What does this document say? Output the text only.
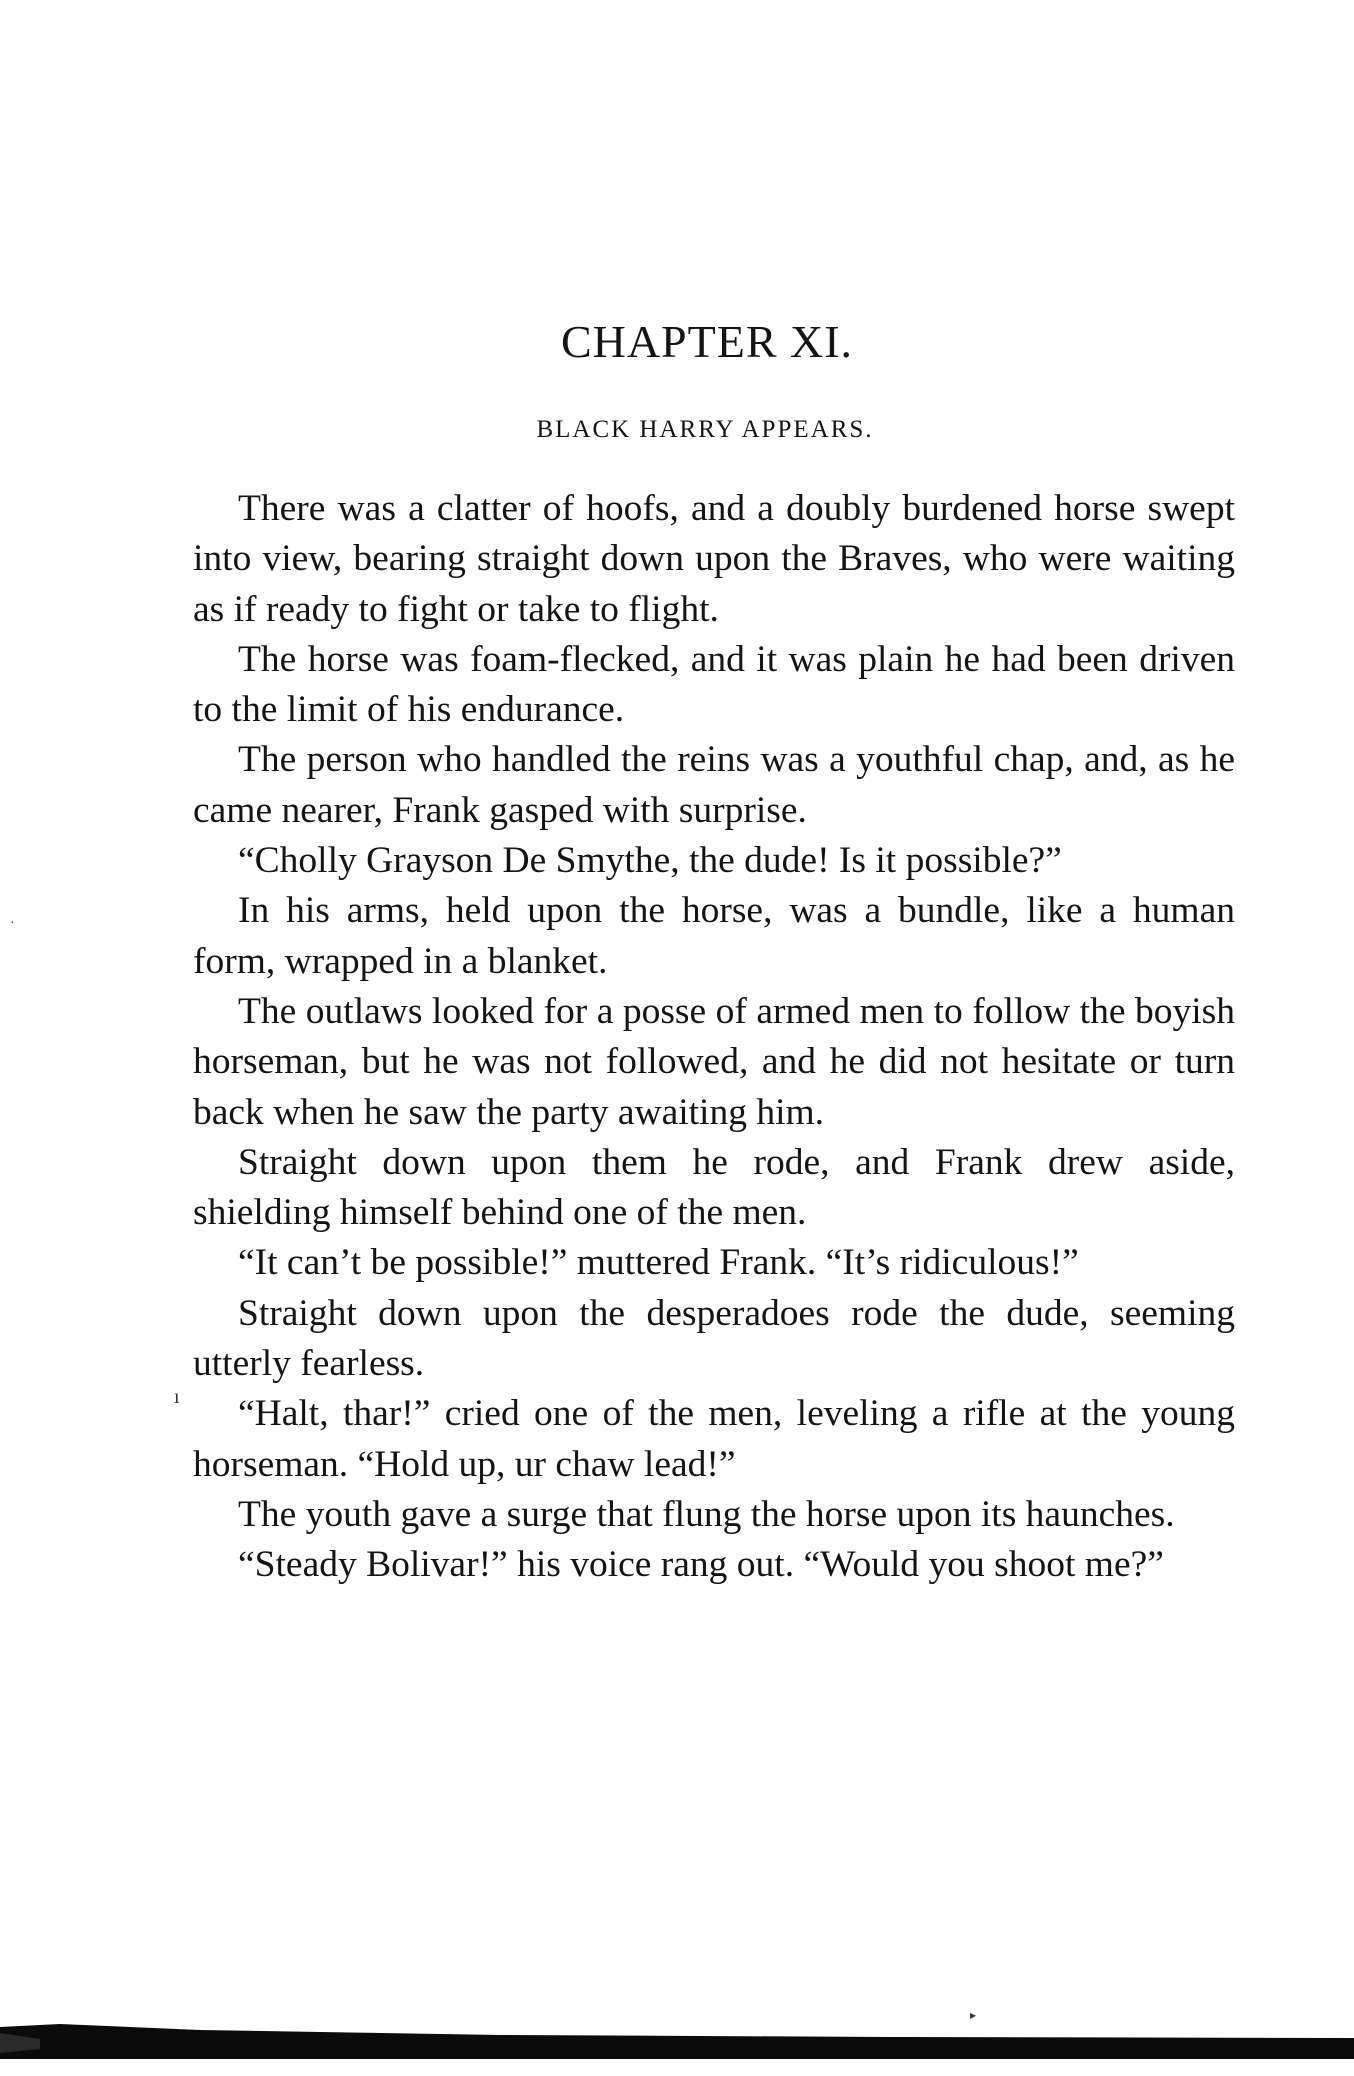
CHAPTER XI.
BLACK HARRY APPEARS.

There was a clatter of hoofs, and a doubly burdened horse swept into view, bearing straight down upon the Braves, who were waiting as if ready to fight or take to flight.

The horse was foam-flecked, and it was plain he had been driven to the limit of his endurance.

The person who handled the reins was a youthful chap, and, as he came nearer, Frank gasped with surprise.

“Cholly Grayson De Smythe, the dude! Is it possible?”

In his arms, held upon the horse, was a bundle, like a human form, wrapped in a blanket.

The outlaws looked for a posse of armed men to follow the boyish horseman, but he was not followed, and he did not hesitate or turn back when he saw the party awaiting him.

Straight down upon them he rode, and Frank drew aside, shielding himself behind one of the men.

“It can’t be possible!” muttered Frank. “It’s ridiculous!”

Straight down upon the desperadoes rode the dude, seeming utterly fearless.

“Halt, thar!” cried one of the men, leveling a rifle at the young horseman. “Hold up, ur chaw lead!”

The youth gave a surge that flung the horse upon its haunches.

“Steady Bolivar!” his voice rang out. “Would you shoot me?”

·
ı
▸
